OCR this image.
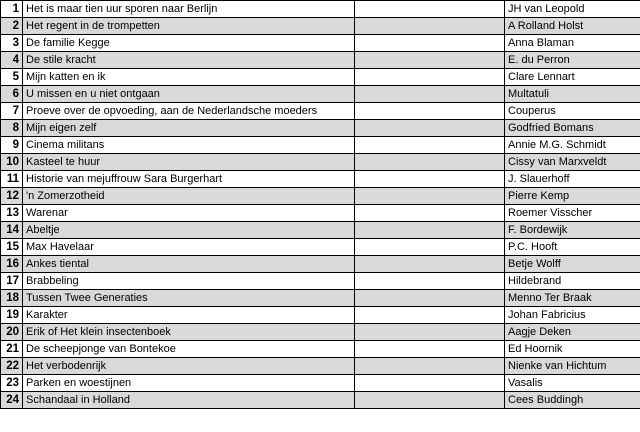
1	Het is maar tien uur sporen naar Berlijn		JH van Leopold
2	Het regent in de trompetten		A Rolland Holst
3	De familie Kegge		Anna Blaman
4	De stile kracht		E. du Perron
5	Mijn katten en ik		Clare Lennart
6	U missen en u niet ontgaan		Multatuli
7	Proeve over de opvoeding, aan de Nederlandsche moeders		Couperus
8	Mijn eigen zelf		Godfried Bomans
9	Cinema militans		Annie M.G. Schmidt
10	Kasteel te huur		Cissy van Marxveldt
11	Historie van mejuffrouw Sara Burgerhart		J. Slauerhoff
12	'n Zomerzotheid		Pierre Kemp
13	Warenar		Roemer Visscher
14	Abeltje		F. Bordewijk
15	Max Havelaar		P.C. Hooft
16	Ankes tiental		Betje Wolff
17	Brabbeling		Hildebrand
18	Tussen Twee Generaties		Menno Ter Braak
19	Karakter		Johan Fabricius
20	Erik of Het klein insectenboek		Aagje Deken
21	De scheepjonge van Bontekoe		Ed Hoornik
22	Het verbodenrijk		Nienke van Hichtum
23	Parken en woestijnen		Vasalis
24	Schandaal in Holland		Cees Buddingh
